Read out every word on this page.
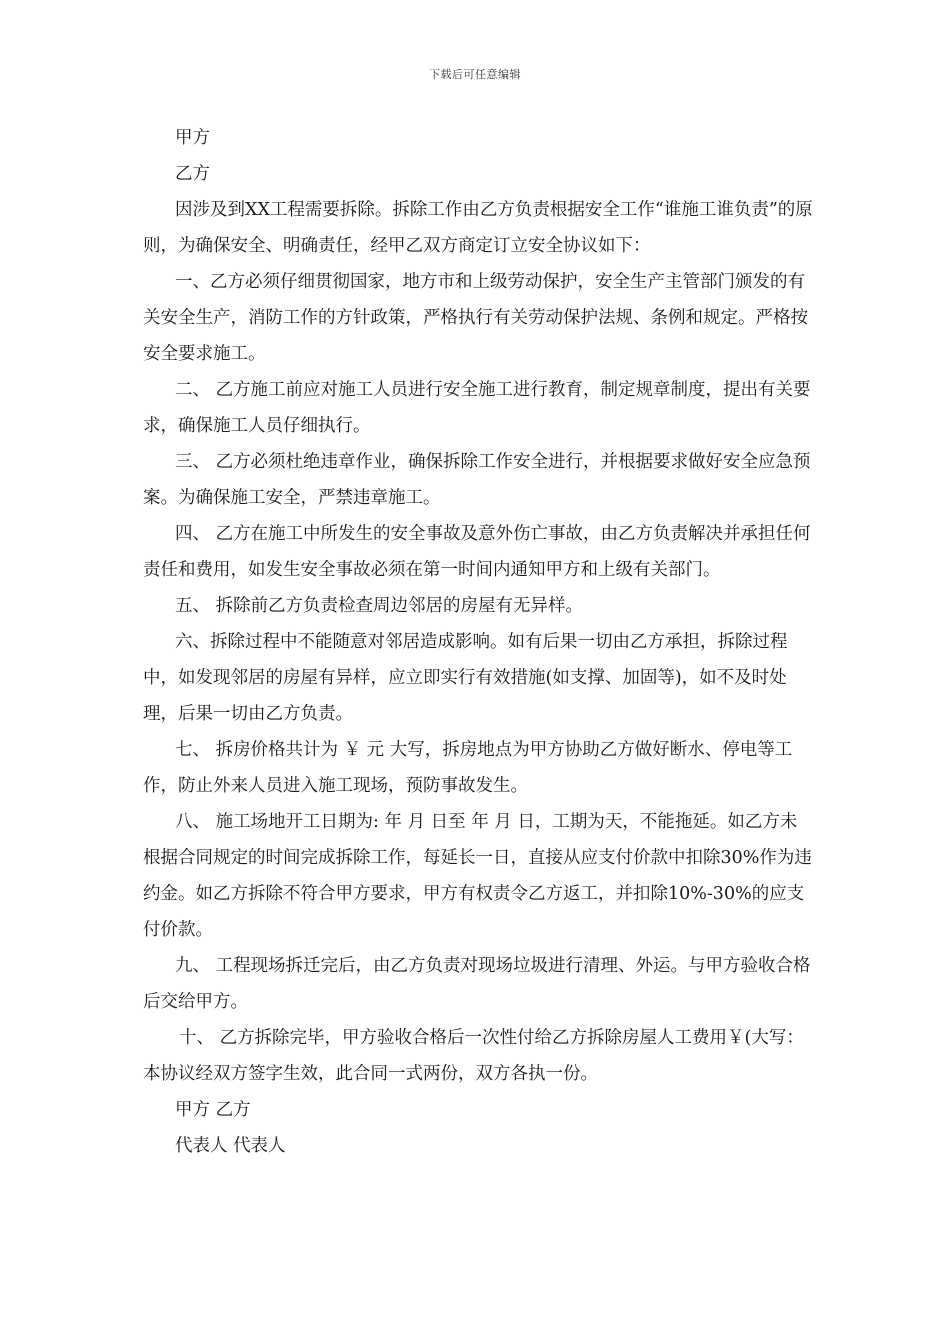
下载后可任意编辑

甲方

乙方

因涉及到XX工程需要拆除。拆除工作由乙方负责根据安全工作“谁施工谁负责”的原则，为确保安全、明确责任，经甲乙双方商定订立安全协议如下：

一、乙方必须仔细贯彻国家，地方市和上级劳动保护，安全生产主管部门颁发的有关安全生产，消防工作的方针政策，严格执行有关劳动保护法规、条例和规定。严格按安全要求施工。

二、 乙方施工前应对施工人员进行安全施工进行教育，制定规章制度，提出有关要求，确保施工人员仔细执行。

三、 乙方必须杜绝违章作业，确保拆除工作安全进行，并根据要求做好安全应急预案。为确保施工安全，严禁违章施工。

四、 乙方在施工中所发生的安全事故及意外伤亡事故，由乙方负责解决并承担任何责任和费用，如发生安全事故必须在第一时间内通知甲方和上级有关部门。

五、 拆除前乙方负责检查周边邻居的房屋有无异样。

六、拆除过程中不能随意对邻居造成影响。如有后果一切由乙方承担，拆除过程中，如发现邻居的房屋有异样，应立即实行有效措施(如支撑、加固等)，如不及时处理，后果一切由乙方负责。

七、 拆房价格共计为 ￥ 元 大写，拆房地点为甲方协助乙方做好断水、停电等工作，防止外来人员进入施工现场，预防事故发生。

八、 施工场地开工日期为: 年 月 日至 年 月 日，工期为天，不能拖延。如乙方未根据合同规定的时间完成拆除工作，每延长一日，直接从应支付价款中扣除30%作为违约金。如乙方拆除不符合甲方要求，甲方有权责令乙方返工，并扣除10%-30%的应支付价款。

九、 工程现场拆迁完后，由乙方负责对现场垃圾进行清理、外运。与甲方验收合格后交给甲方。

十、 乙方拆除完毕，甲方验收合格后一次性付给乙方拆除房屋人工费用￥(大写：本协议经双方签字生效，此合同一式两份，双方各执一份。

甲方 乙方

代表人 代表人
